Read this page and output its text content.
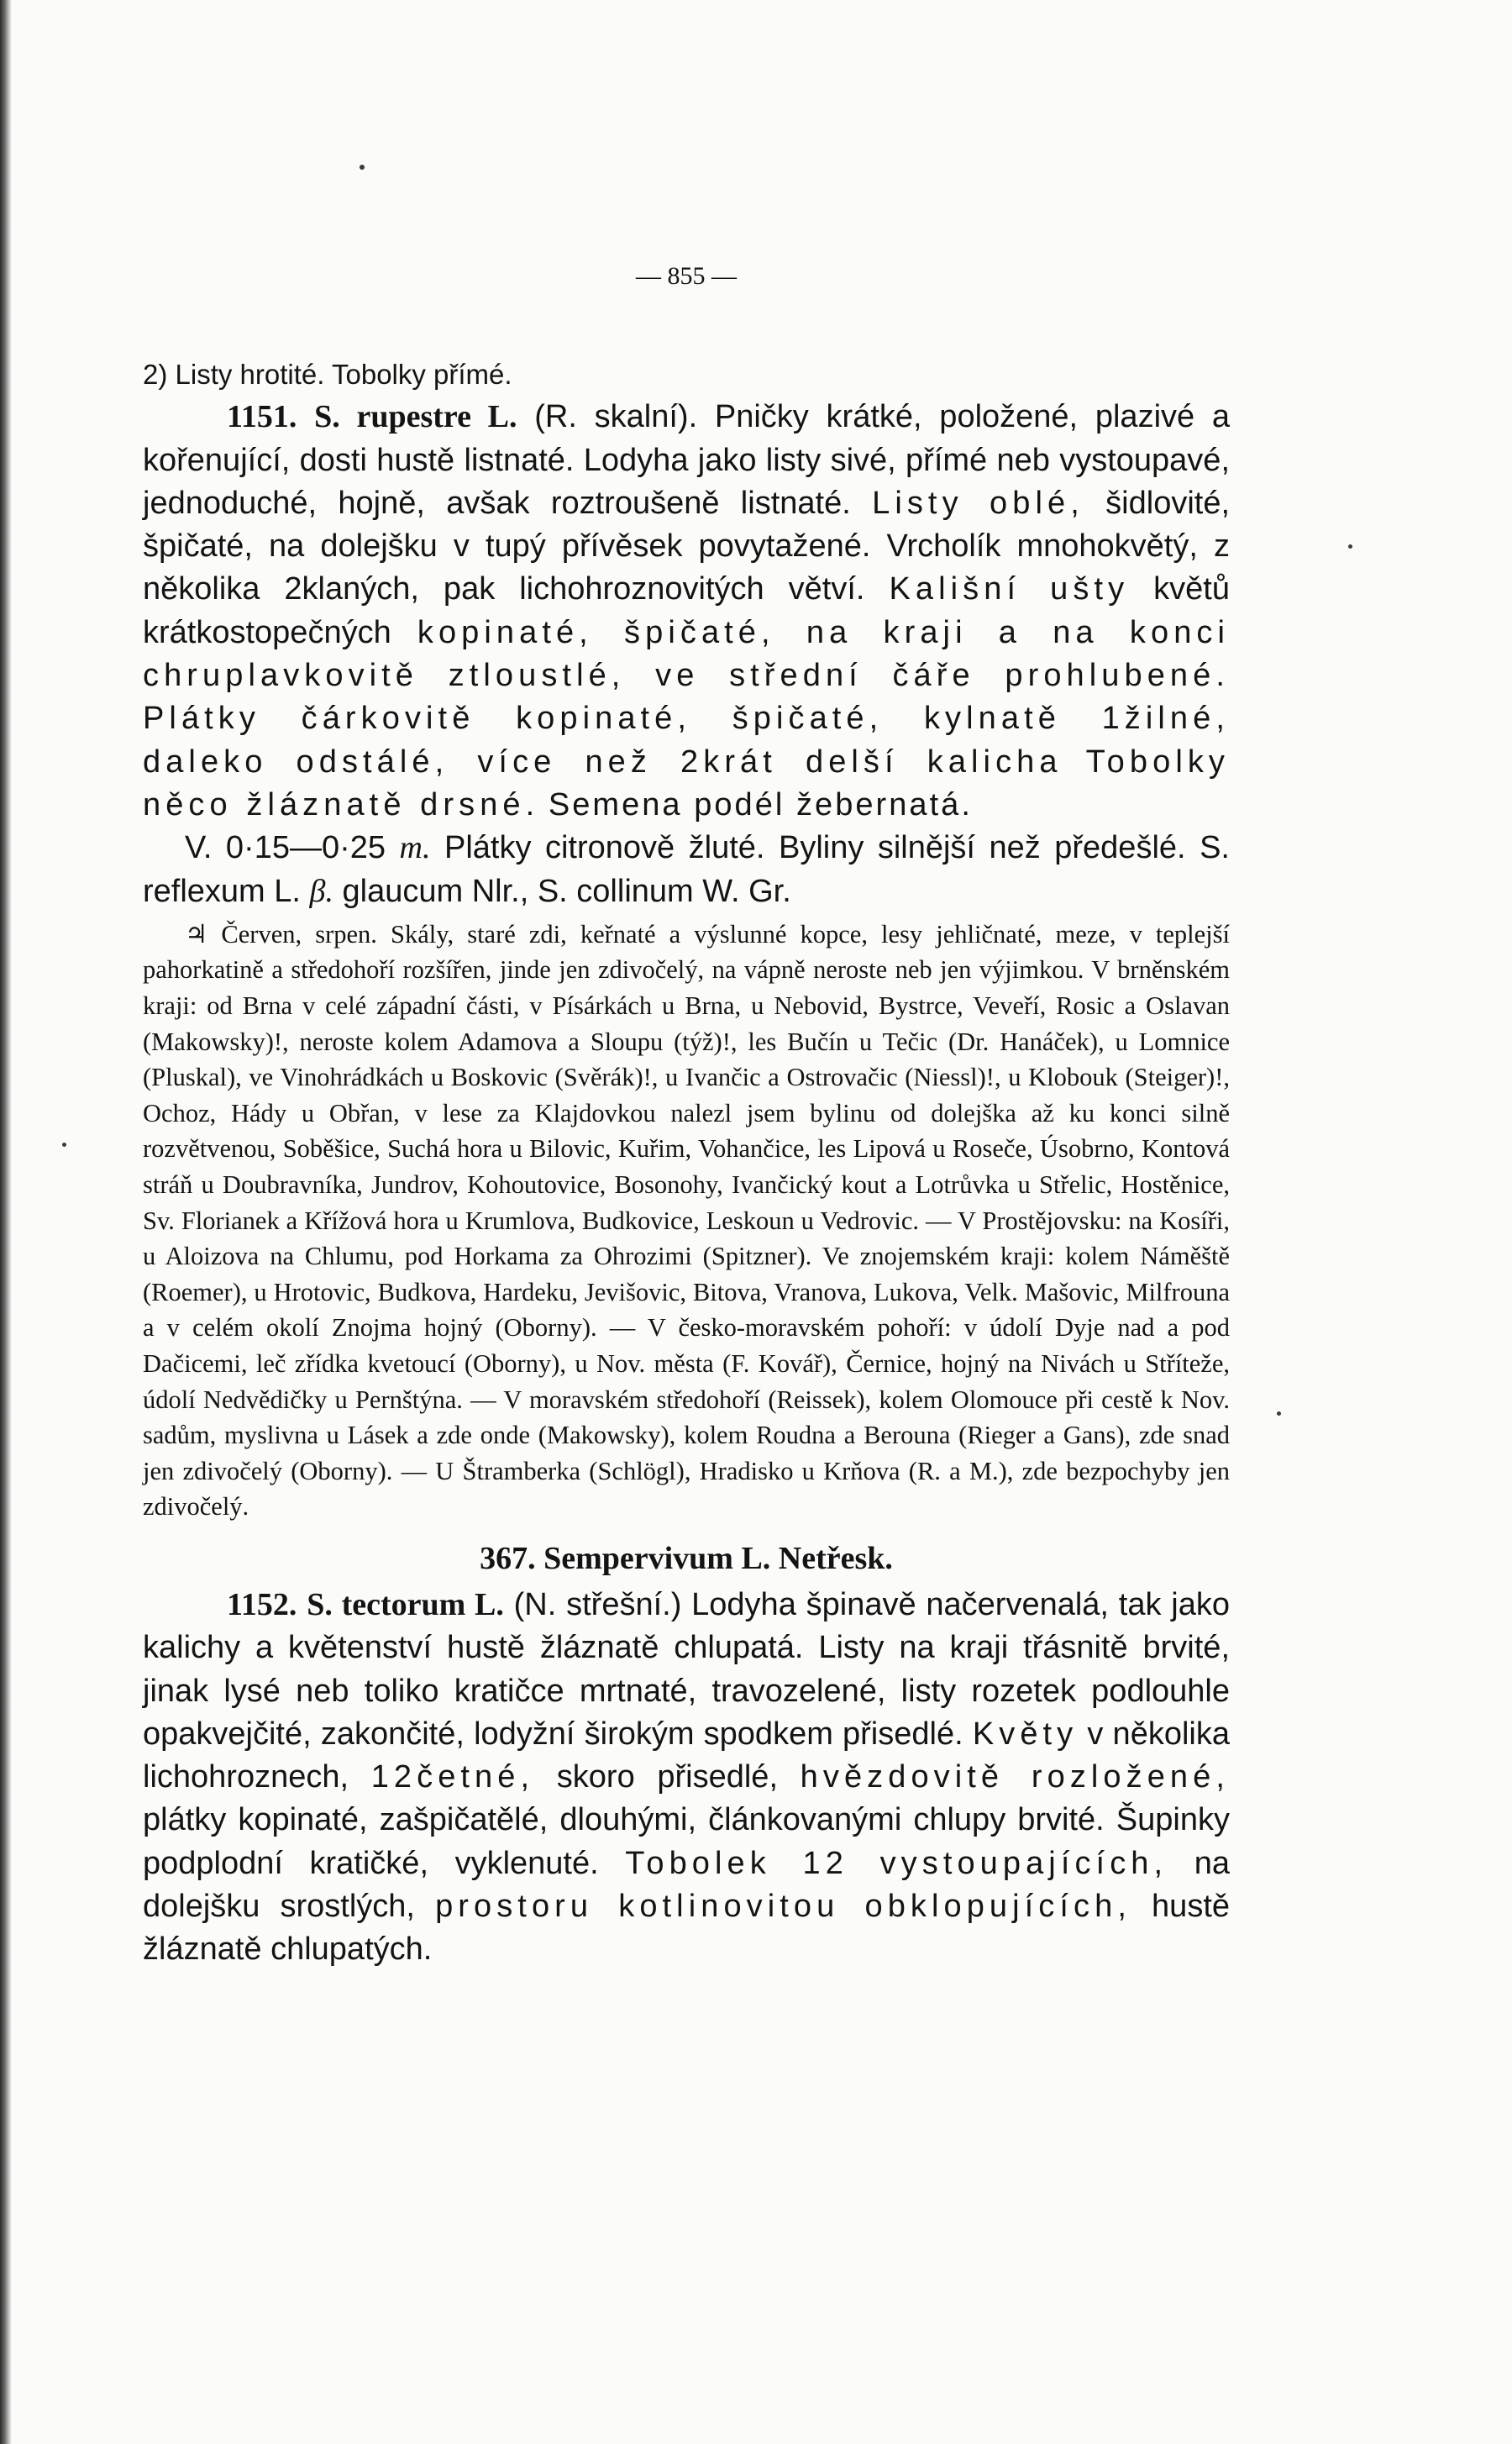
— 855 —

2) Listy hrotité. Tobolky přímé.

1151. S. rupestre L. (R. skalní). Pničky krátké, položené, plazivé a kořenující, dosti hustě listnaté. Lodyha jako listy sivé, přímé neb vystoupavé, jednoduché, hojně, avšak roztroušeně listnaté. Listy oblé, šidlovité, špičaté, na dolejšku v tupý přívěsek povytažené. Vrcholík mnohokvětý, z několika 2klaných, pak lichohroznovitých větví. Kališní ušty květů krátkostopečných kopinaté, špičaté, na kraji a na konci chruplavkovitě ztloustlé, ve střední čáře prohlubené. Plátky čárkovitě kopinaté, špičaté, kylnatě 1žilné, daleko odstálé, více než 2krát delší kalicha Tobolky něco žláznatě drsné. Semena podél žebernatá.

V. 0·15—0·25 m. Plátky citronově žluté. Byliny silnější než předešlé. S. reflexum L. β. glaucum Nlr., S. collinum W. Gr.

♃ Červen, srpen. Skály, staré zdi, keřnaté a výslunné kopce, lesy jehličnaté, meze, v teplejší pahorkatině a středohoří rozšířen, jinde jen zdivočelý, na vápně neroste neb jen výjimkou. V brněnském kraji: od Brna v celé západní části, v Písárkách u Brna, u Nebovid, Bystrce, Veveří, Rosic a Oslavan (Makowsky)!, neroste kolem Adamova a Sloupu (týž)!, les Bučín u Tečic (Dr. Hanáček), u Lomnice (Pluskal), ve Vinohrádkách u Boskovic (Svěrák)!, u Ivančic a Ostrovačic (Niessl)!, u Klobouk (Steiger)!, Ochoz, Hády u Obřan, v lese za Klajdovkou nalezl jsem bylinu od dolejška až ku konci silně rozvětvenou, Soběšice, Suchá hora u Bilovic, Kuřim, Vohančice, les Lipová u Roseče, Úsobrno, Kontová stráň u Doubravníka, Jundrov, Kohoutovice, Bosonohy, Ivančický kout a Lotrůvka u Střelic, Hostěnice, Sv. Florianek a Křížová hora u Krumlova, Budkovice, Leskoun u Vedrovic. — V Prostějovsku: na Kosíři, u Aloizova na Chlumu, pod Horkama za Ohrozimi (Spitzner). Ve znojemském kraji: kolem Náměště (Roemer), u Hrotovic, Budkova, Hardeku, Jevišovic, Bitova, Vranova, Lukova, Velk. Mašovic, Milfrouna a v celém okolí Znojma hojný (Oborny). — V česko-moravském pohoří: v údolí Dyje nad a pod Dačicemi, leč zřídka kvetoucí (Oborny), u Nov. města (F. Kovář), Černice, hojný na Nivách u Stříteže, údolí Nedvědičky u Pernštýna. — V moravském středohoří (Reissek), kolem Olomouce při cestě k Nov. sadům, myslivna u Lásek a zde onde (Makowsky), kolem Roudna a Berouna (Rieger a Gans), zde snad jen zdivočelý (Oborny). — U Štramberka (Schlögl), Hradisko u Krňova (R. a M.), zde bezpochyby jen zdivočelý.

367. Sempervivum L. Netřesk.

1152. S. tectorum L. (N. střešní.) Lodyha špinavě načervenalá, tak jako kalichy a květenství hustě žláznatě chlupatá. Listy na kraji třásnitě brvité, jinak lysé neb toliko kratičce mrtnaté, travozelené, listy rozetek podlouhle opakvejčité, zakončité, lodyžní širokým spodkem přisedlé. Květy v několika lichohroznech, 12četné, skoro přisedlé, hvězdovitě rozložené, plátky kopinaté, zašpičatělé, dlouhými, článkovanými chlupy brvité. Šupinky podplodní kratičké, vyklenuté. Tobolek 12 vystoupajících, na dolejšku srostlých, prostoru kotlinovitou obklopujících, hustě žláznatě chlupatých.
